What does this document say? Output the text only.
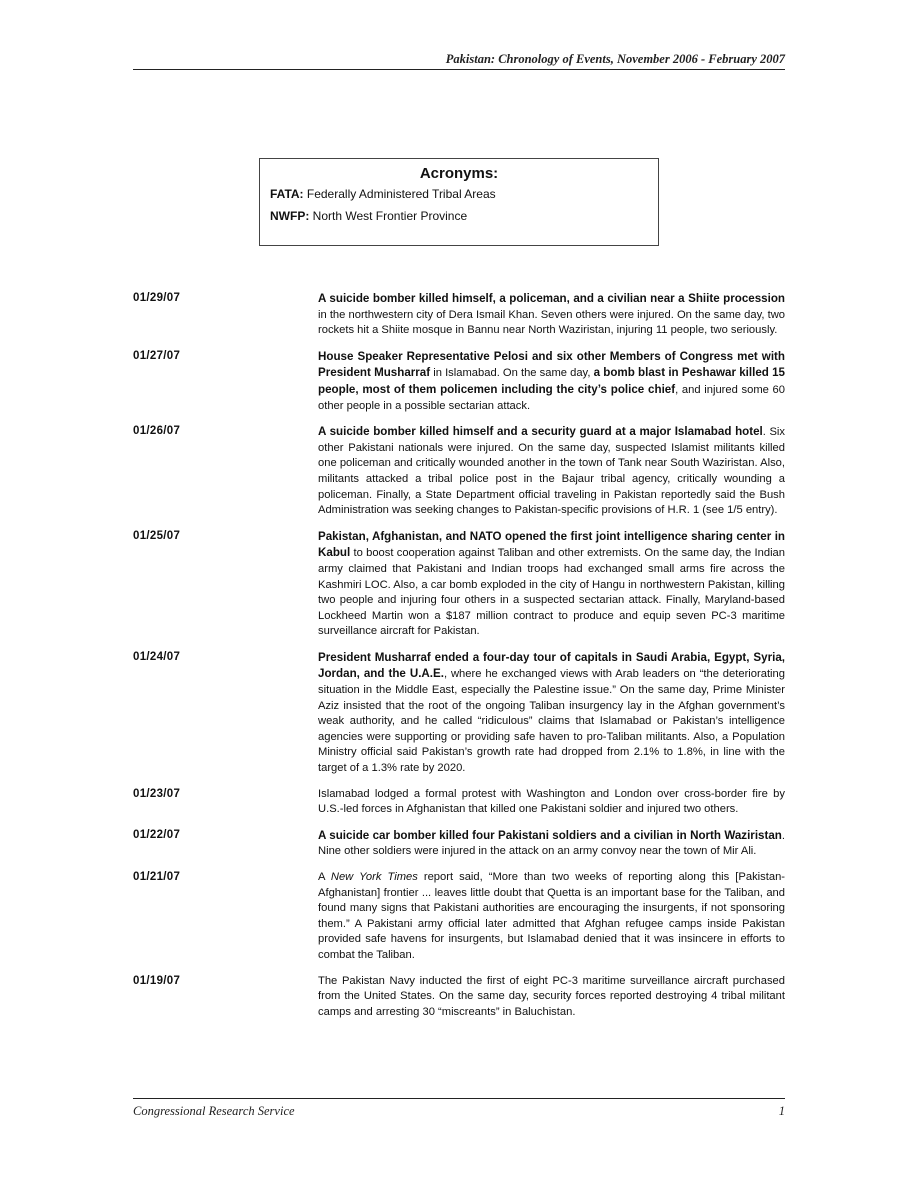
Pakistan: Chronology of Events, November 2006 - February 2007
Acronyms:
FATA: Federally Administered Tribal Areas
NWFP: North West Frontier Province
01/29/07	A suicide bomber killed himself, a policeman, and a civilian near a Shiite procession in the northwestern city of Dera Ismail Khan. Seven others were injured. On the same day, two rockets hit a Shiite mosque in Bannu near North Waziristan, injuring 11 people, two seriously.
01/27/07	House Speaker Representative Pelosi and six other Members of Congress met with President Musharraf in Islamabad. On the same day, a bomb blast in Peshawar killed 15 people, most of them policemen including the city’s police chief, and injured some 60 other people in a possible sectarian attack.
01/26/07	A suicide bomber killed himself and a security guard at a major Islamabad hotel. Six other Pakistani nationals were injured. On the same day, suspected Islamist militants killed one policeman and critically wounded another in the town of Tank near South Waziristan. Also, militants attacked a tribal police post in the Bajaur tribal agency, critically wounding a policeman. Finally, a State Department official traveling in Pakistan reportedly said the Bush Administration was seeking changes to Pakistan-specific provisions of H.R. 1 (see 1/5 entry).
01/25/07	Pakistan, Afghanistan, and NATO opened the first joint intelligence sharing center in Kabul to boost cooperation against Taliban and other extremists. On the same day, the Indian army claimed that Pakistani and Indian troops had exchanged small arms fire across the Kashmiri LOC. Also, a car bomb exploded in the city of Hangu in northwestern Pakistan, killing two people and injuring four others in a suspected sectarian attack. Finally, Maryland-based Lockheed Martin won a $187 million contract to produce and equip seven PC-3 maritime surveillance aircraft for Pakistan.
01/24/07	President Musharraf ended a four-day tour of capitals in Saudi Arabia, Egypt, Syria, Jordan, and the U.A.E., where he exchanged views with Arab leaders on “the deteriorating situation in the Middle East, especially the Palestine issue.” On the same day, Prime Minister Aziz insisted that the root of the ongoing Taliban insurgency lay in the Afghan government’s weak authority, and he called “ridiculous” claims that Islamabad or Pakistan’s intelligence agencies were supporting or providing safe haven to pro-Taliban militants. Also, a Population Ministry official said Pakistan’s growth rate had dropped from 2.1% to 1.8%, in line with the target of a 1.3% rate by 2020.
01/23/07	Islamabad lodged a formal protest with Washington and London over cross-border fire by U.S.-led forces in Afghanistan that killed one Pakistani soldier and injured two others.
01/22/07	A suicide car bomber killed four Pakistani soldiers and a civilian in North Waziristan. Nine other soldiers were injured in the attack on an army convoy near the town of Mir Ali.
01/21/07	A New York Times report said, “More than two weeks of reporting along this [Pakistan-Afghanistan] frontier ... leaves little doubt that Quetta is an important base for the Taliban, and found many signs that Pakistani authorities are encouraging the insurgents, if not sponsoring them.” A Pakistani army official later admitted that Afghan refugee camps inside Pakistan provided safe havens for insurgents, but Islamabad denied that it was insincere in efforts to combat the Taliban.
01/19/07	The Pakistan Navy inducted the first of eight PC-3 maritime surveillance aircraft purchased from the United States. On the same day, security forces reported destroying 4 tribal militant camps and arresting 30 “miscreants” in Baluchistan.
Congressional Research Service	1
